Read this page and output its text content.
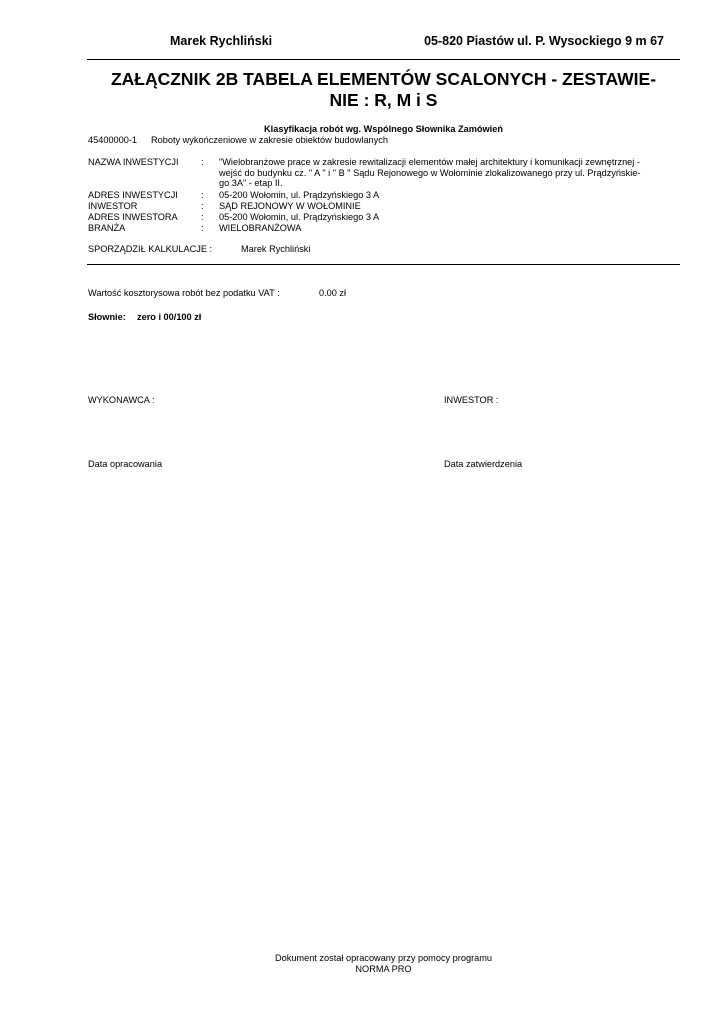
Marek Rychliński	05-820 Piastów ul. P. Wysockiego 9 m 67
ZAŁĄCZNIK 2B TABELA ELEMENTÓW SCALONYCH - ZESTAWIE-
NIE : R, M i S
Klasyfikacja robót wg. Wspólnego Słownika Zamówień
45400000-1 Roboty wykończeniowe w zakresie obiektów budowlanych
NAZWA INWESTYCJI : "Wielobranżowe prace w zakresie rewitalizacji elementów małej architektury i komunikacji zewnętrznej -
wejść do budynku cz. " A " i " B " Sądu Rejonowego w Wołominie zlokalizowanego przy ul. Prądzyńskie-
go 3A" - etap II.
ADRES INWESTYCJI	: 05-200 Wołomin, ul. Prądzyńskiego 3 A
INWESTOR	: SĄD REJONOWY W WOŁOMINIE
ADRES INWESTORA	: 05-200 Wołomin, ul. Prądzyńskiego 3 A
BRANŻA	: WIELOBRANŻOWA
SPORZĄDZIŁ KALKULACJE :	Marek Rychliński
Wartość kosztorysowa robót bez podatku VAT :	0.00 zł
Słownie: zero i 00/100 zł
WYKONAWCA :	INWESTOR :
Data opracowania	Data zatwierdzenia
Dokument został opracowany przy pomocy programu
NORMA PRO
